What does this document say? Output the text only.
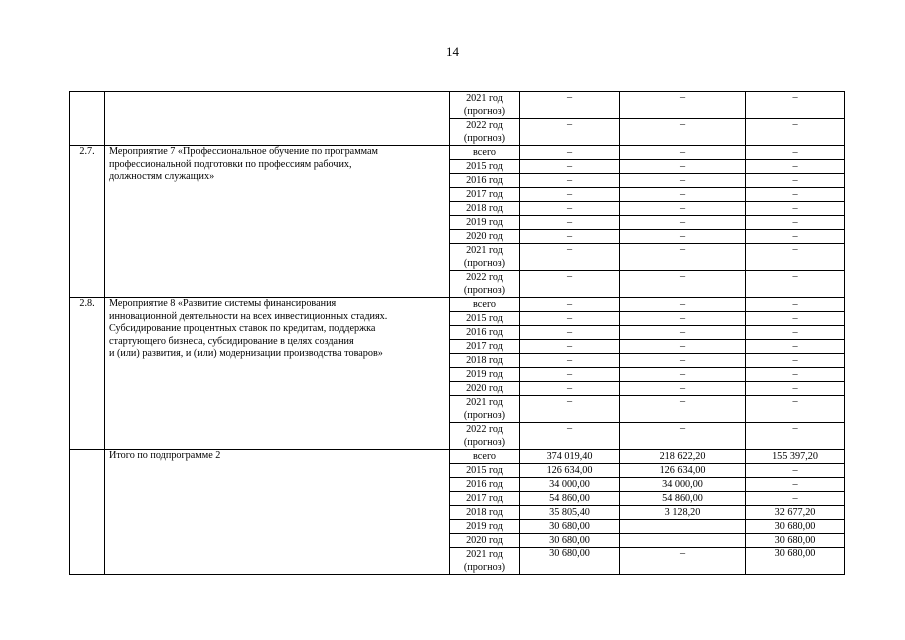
14

		2021 год
(прогноз)	–	–	–

		2022 год
(прогноз)	–	–	–
2.7.	Мероприятие 7 «Профессиональное обучение по программам
профессиональной подготовки по профессиям рабочих,
должностям служащих»	всего	–	–	–
		2015 год	–	–	–
		2016 год	–	–	–
		2017 год	–	–	–
		2018 год	–	–	–
		2019 год	–	–	–
		2020 год	–	–	–

		2021 год
(прогноз)	–	–	–

		2022 год
(прогноз)	–	–	–
2.8.	Мероприятие 8 «Развитие системы финансирования
инновационной деятельности на всех инвестиционных стадиях.
Субсидирование процентных ставок по кредитам, поддержка
стартующего бизнеса, субсидирование в целях создания
и (или) развития, и (или) модернизации производства товаров»	всего	–	–	–
		2015 год	–	–	–
		2016 год	–	–	–
		2017 год	–	–	–
		2018 год	–	–	–
		2019 год	–	–	–
		2020 год	–	–	–

		2021 год
(прогноз)	–	–	–

		2022 год
(прогноз)	–	–	–

	Итого по подпрограмме 2	всего	374 019,40	218 622,20	155 397,20
		2015 год	126 634,00	126 634,00	–
		2016 год	34 000,00	34 000,00	–
		2017 год	54 860,00	54 860,00	–
		2018 год	35 805,40	3 128,20	32 677,20
		2019 год	30 680,00		30 680,00
		2020 год	30 680,00		30 680,00

		2021 год
(прогноз)	30 680,00	–	30 680,00
